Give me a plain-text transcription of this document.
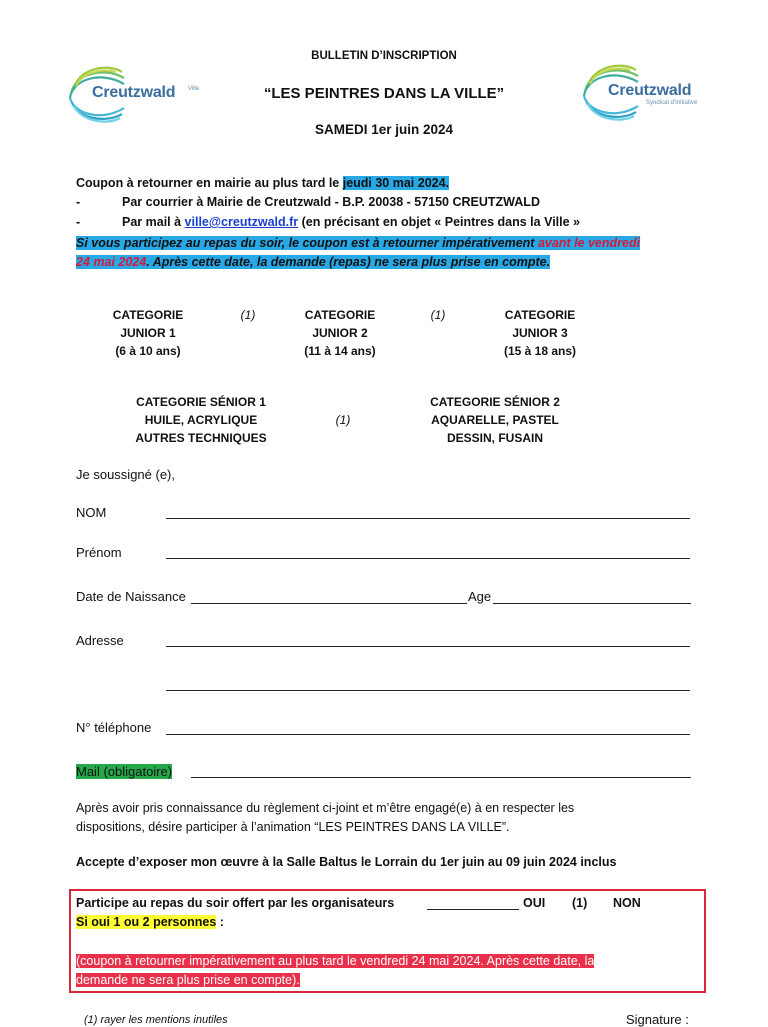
Creutzwald Ville	Creutzwald
Syndicat d'Initiative
BULLETIN D’INSCRIPTION
“LES PEINTRES DANS LA VILLE”
SAMEDI 1er juin 2024
Coupon à retourner en mairie au plus tard le jeudi 30 mai 2024.
-	Par courrier à Mairie de Creutzwald - B.P. 20038 - 57150 CREUTZWALD
-	Par mail à ville@creutzwald.fr (en précisant en objet « Peintres dans la Ville »
Si vous participez au repas du soir, le coupon est à retourner impérativement avant le vendredi
24 mai 2024. Après cette date, la demande (repas) ne sera plus prise en compte.
CATEGORIE
JUNIOR 1
(6 à 10 ans)
(1)	CATEGORIE
JUNIOR 2
(11 à 14 ans)
(1)	CATEGORIE
JUNIOR 3
(15 à 18 ans)
CATEGORIE SÉNIOR 1
HUILE, ACRYLIQUE
AUTRES TECHNIQUES
(1)
CATEGORIE SÉNIOR 2
AQUARELLE, PASTEL
DESSIN, FUSAIN
Je soussigné (e),
NOM
Prénom
Date de Naissance	Age
Adresse
N° téléphone
Mail (obligatoire)
Après avoir pris connaissance du règlement ci-joint et m’être engagé(e) à en respecter les
dispositions, désire participer à l’animation “LES PEINTRES DANS LA VILLE”.
Accepte d’exposer mon œuvre à la Salle Baltus le Lorrain du 1er juin au 09 juin 2024 inclus
Participe au repas du soir offert par les organisateurs	OUI (1) NON
Si oui 1 ou 2 personnes :
(coupon à retourner impérativement au plus tard le vendredi 24 mai 2024. Après cette date, la
demande ne sera plus prise en compte).
(1) rayer les mentions inutiles	Signature :
